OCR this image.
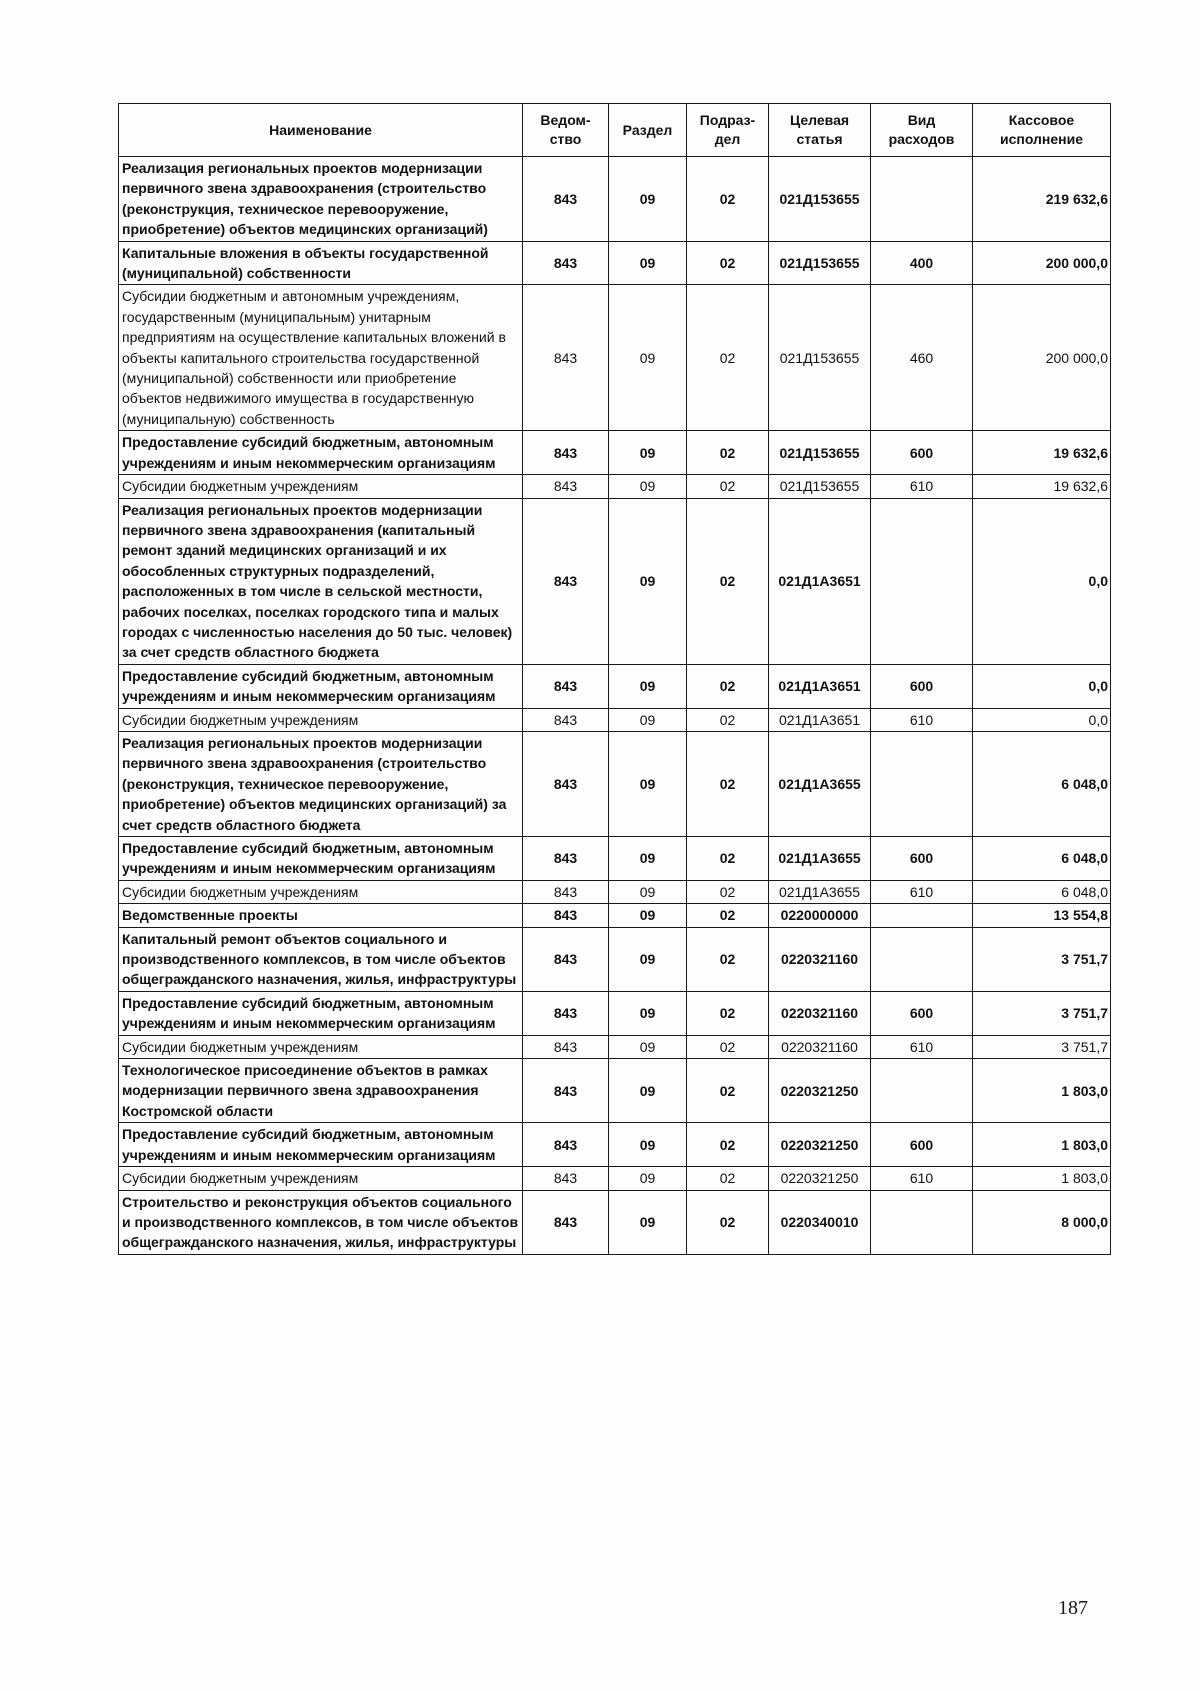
Наименование	Ведом-ство	Раздел	Подраз-дел	Целевая статья	Вид расходов	Кассовое исполнение
Реализация региональных проектов модернизации первичного звена здравоохранения (строительство (реконструкция, техническое перевооружение, приобретение) объектов медицинских организаций)	843	09	02	021Д153655		219 632,6
Капитальные вложения в объекты государственной (муниципальной) собственности	843	09	02	021Д153655	400	200 000,0
Субсидии бюджетным и автономным учреждениям, государственным (муниципальным) унитарным предприятиям на осуществление капитальных вложений в объекты капитального строительства государственной (муниципальной) собственности или приобретение объектов недвижимого имущества в государственную (муниципальную) собственность	843	09	02	021Д153655	460	200 000,0
Предоставление субсидий бюджетным, автономным учреждениям и иным некоммерческим организациям	843	09	02	021Д153655	600	19 632,6
Субсидии бюджетным учреждениям	843	09	02	021Д153655	610	19 632,6
Реализация региональных проектов модернизации первичного звена здравоохранения (капитальный ремонт зданий медицинских организаций и их обособленных структурных подразделений, расположенных в том числе в сельской местности, рабочих поселках, поселках городского типа и малых городах с численностью населения до 50 тыс. человек) за счет средств областного бюджета	843	09	02	021Д1А3651		0,0
Предоставление субсидий бюджетным, автономным учреждениям и иным некоммерческим организациям	843	09	02	021Д1А3651	600	0,0
Субсидии бюджетным учреждениям	843	09	02	021Д1А3651	610	0,0
Реализация региональных проектов модернизации первичного звена здравоохранения (строительство (реконструкция, техническое перевооружение, приобретение) объектов медицинских организаций) за счет средств областного бюджета	843	09	02	021Д1А3655		6 048,0
Предоставление субсидий бюджетным, автономным учреждениям и иным некоммерческим организациям	843	09	02	021Д1А3655	600	6 048,0
Субсидии бюджетным учреждениям	843	09	02	021Д1А3655	610	6 048,0
Ведомственные проекты	843	09	02	0220000000		13 554,8
Капитальный ремонт объектов социального и производственного комплексов, в том числе объектов общегражданского назначения, жилья, инфраструктуры	843	09	02	0220321160		3 751,7
Предоставление субсидий бюджетным, автономным учреждениям и иным некоммерческим организациям	843	09	02	0220321160	600	3 751,7
Субсидии бюджетным учреждениям	843	09	02	0220321160	610	3 751,7
Технологическое присоединение объектов в рамках модернизации первичного звена здравоохранения Костромской области	843	09	02	0220321250		1 803,0
Предоставление субсидий бюджетным, автономным учреждениям и иным некоммерческим организациям	843	09	02	0220321250	600	1 803,0
Субсидии бюджетным учреждениям	843	09	02	0220321250	610	1 803,0
Строительство и реконструкция объектов социального и производственного комплексов, в том числе объектов общегражданского назначения, жилья, инфраструктуры	843	09	02	0220340010		8 000,0
187
